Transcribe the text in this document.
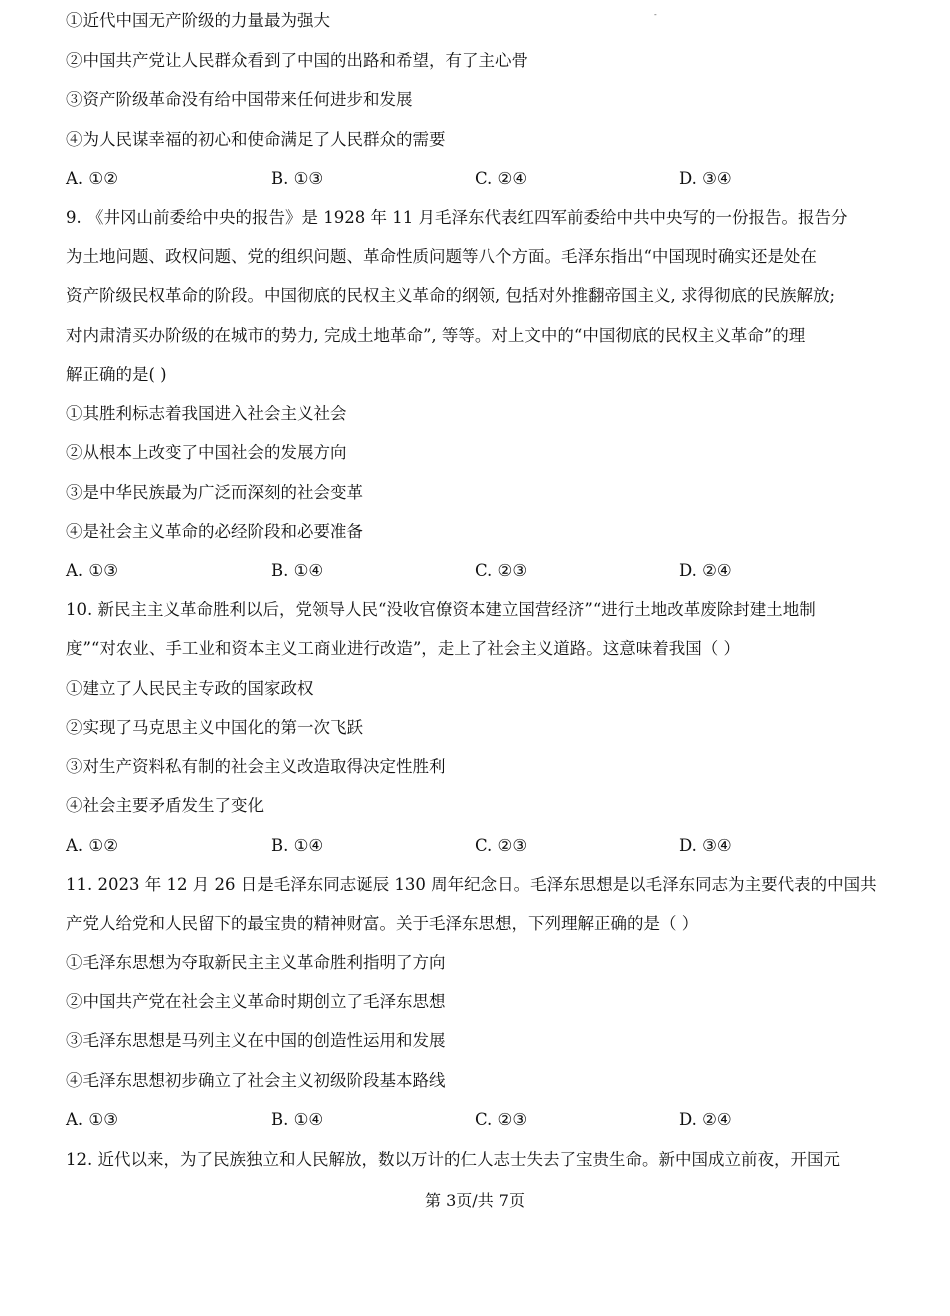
-
①近代中国无产阶级的力量最为强大
②中国共产党让人民群众看到了中国的出路和希望，有了主心骨
③资产阶级革命没有给中国带来任何进步和发展
④为人民谋幸福的初心和使命满足了人民群众的需要
A. ①②	B. ①③	C. ②④	D. ③④
9. 《井冈山前委给中央的报告》是 1928 年 11 月毛泽东代表红四军前委给中共中央写的一份报告。报告分
为土地问题、政权问题、党的组织问题、革命性质问题等八个方面。毛泽东指出“中国现时确实还是处在
资产阶级民权革命的阶段。中国彻底的民权主义革命的纲领, 包括对外推翻帝国主义, 求得彻底的民族解放;
对内肃清买办阶级的在城市的势力, 完成土地革命”, 等等。对上文中的“中国彻底的民权主义革命”的理
解正确的是( )
①其胜利标志着我国进入社会主义社会
②从根本上改变了中国社会的发展方向
③是中华民族最为广泛而深刻的社会变革
④是社会主义革命的必经阶段和必要准备
A. ①③	B. ①④	C. ②③	D. ②④
10. 新民主主义革命胜利以后，党领导人民“没收官僚资本建立国营经济”“进行土地改革废除封建土地制
度”“对农业、手工业和资本主义工商业进行改造”，走上了社会主义道路。这意味着我国（ ）
①建立了人民民主专政的国家政权
②实现了马克思主义中国化的第一次飞跃
③对生产资料私有制的社会主义改造取得决定性胜利
④社会主要矛盾发生了变化
A. ①②	B. ①④	C. ②③	D. ③④
11. 2023 年 12 月 26 日是毛泽东同志诞辰 130 周年纪念日。毛泽东思想是以毛泽东同志为主要代表的中国共
产党人给党和人民留下的最宝贵的精神财富。关于毛泽东思想，下列理解正确的是（ ）
①毛泽东思想为夺取新民主主义革命胜利指明了方向
②中国共产党在社会主义革命时期创立了毛泽东思想
③毛泽东思想是马列主义在中国的创造性运用和发展
④毛泽东思想初步确立了社会主义初级阶段基本路线
A. ①③	B. ①④	C. ②③	D. ②④
12. 近代以来，为了民族独立和人民解放，数以万计的仁人志士失去了宝贵生命。新中国成立前夜，开国元
第 3页/共 7页
